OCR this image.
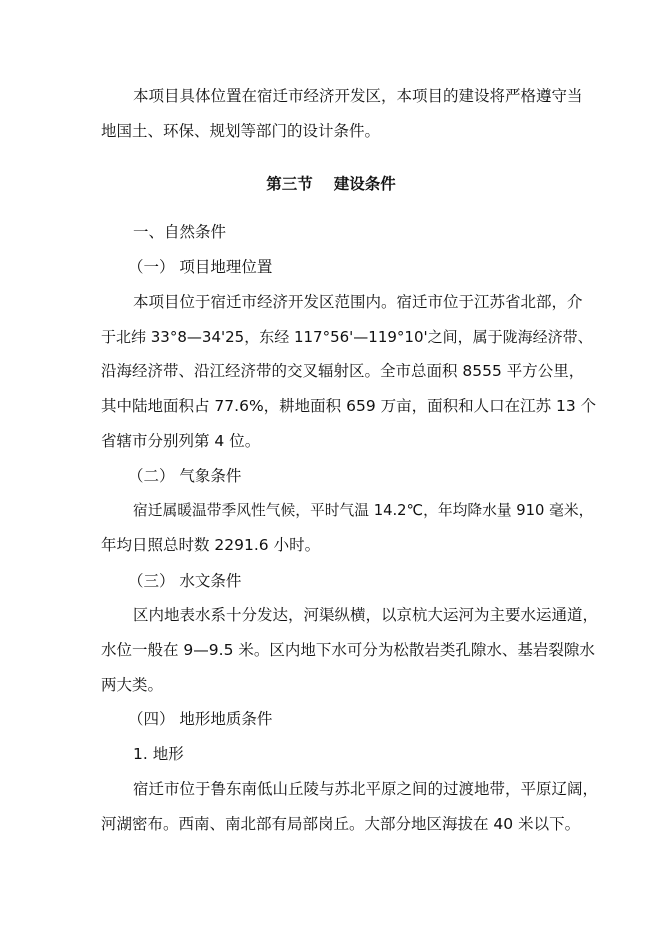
本项目具体位置在宿迁市经济开发区，本项目的建设将严格遵守当
地国土、环保、规划等部门的设计条件。
第三节　 建设条件
一、自然条件
（一） 项目地理位置
本项目位于宿迁市经济开发区范围内。宿迁市位于江苏省北部，介
于北纬 33°8—34'25，东经 117°56'—119°10'之间，属于陇海经济带、
沿海经济带、沿江经济带的交叉辐射区。全市总面积 8555 平方公里，
其中陆地面积占 77.6%，耕地面积 659 万亩，面积和人口在江苏 13 个
省辖市分别列第 4 位。
（二） 气象条件
宿迁属暖温带季风性气候，平时气温 14.2℃，年均降水量 910 毫米，
年均日照总时数 2291.6 小时。
（三） 水文条件
区内地表水系十分发达，河渠纵横，以京杭大运河为主要水运通道，
水位一般在 9—9.5 米。区内地下水可分为松散岩类孔隙水、基岩裂隙水
两大类。
（四） 地形地质条件
1. 地形
宿迁市位于鲁东南低山丘陵与苏北平原之间的过渡地带，平原辽阔，
河湖密布。西南、南北部有局部岗丘。大部分地区海拔在 40 米以下。
